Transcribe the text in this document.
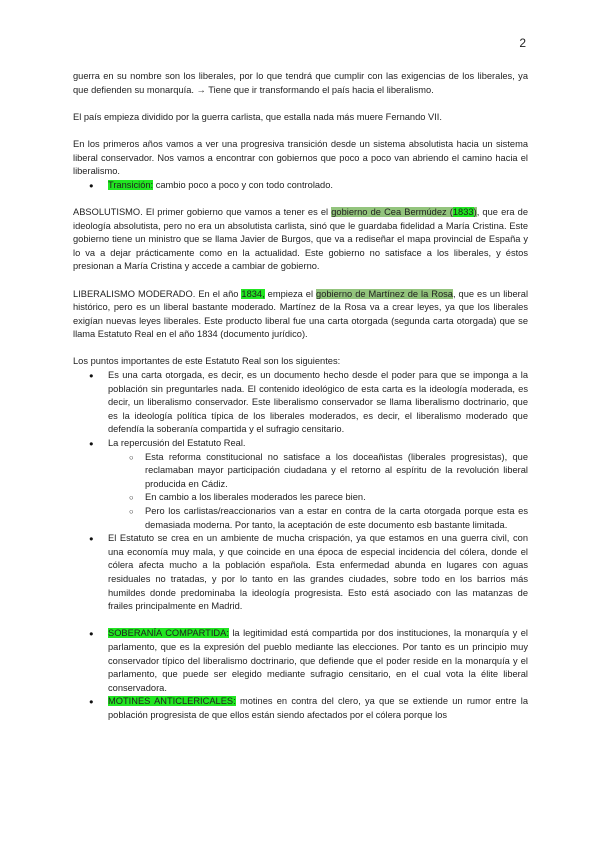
2

guerra en su nombre son los liberales, por lo que tendrá que cumplir con las exigencias de los liberales, ya que defienden su monarquía. → Tiene que ir transformando el país hacia el liberalismo.

El país empieza dividido por la guerra carlista, que estalla nada más muere Fernando VII.

En los primeros años vamos a ver una progresiva transición desde un sistema absolutista hacia un sistema liberal conservador. Nos vamos a encontrar con gobiernos que poco a poco van abriendo el camino hacia el liberalismo.

● Transición: cambio poco a poco y con todo controlado.

ABSOLUTISMO. El primer gobierno que vamos a tener es el gobierno de Cea Bermúdez (1833), que era de ideología absolutista, pero no era un absolutista carlista, sinó que le guardaba fidelidad a María Cristina. Este gobierno tiene un ministro que se llama Javier de Burgos, que va a rediseñar el mapa provincial de España y lo va a dejar prácticamente como en la actualidad. Este gobierno no satisface a los liberales, y éstos presionan a María Cristina y accede a cambiar de gobierno.

LIBERALISMO MODERADO. En el año 1834, empieza el gobierno de Martínez de la Rosa, que es un liberal histórico, pero es un liberal bastante moderado. Martínez de la Rosa va a crear leyes, ya que los liberales exigían nuevas leyes liberales. Este producto liberal fue una carta otorgada (segunda carta otorgada) que se llama Estatuto Real en el año 1834 (documento jurídico).

Los puntos importantes de este Estatuto Real son los siguientes:

● Es una carta otorgada, es decir, es un documento hecho desde el poder para que se imponga a la población sin preguntarles nada. El contenido ideológico de esta carta es la ideología moderada, es decir, un liberalismo conservador. Este liberalismo conservador se llama liberalismo doctrinario, que es la ideología política típica de los liberales moderados, es decir, el liberalismo moderado que defendía la soberanía compartida y el sufragio censitario.
● La repercusión del Estatuto Real.
○ Esta reforma constitucional no satisface a los doceañistas (liberales progresistas), que reclamaban mayor participación ciudadana y el retorno al espíritu de la revolución liberal producida en Cádiz.
○ En cambio a los liberales moderados les parece bien.
○ Pero los carlistas/reaccionarios van a estar en contra de la carta otorgada porque esta es demasiada moderna. Por tanto, la aceptación de este documento esb bastante limitada.
● El Estatuto se crea en un ambiente de mucha crispación, ya que estamos en una guerra civil, con una economía muy mala, y que coincide en una época de especial incidencia del cólera, donde el cólera afecta mucho a la población española. Esta enfermedad abunda en lugares con aguas residuales no tratadas, y por lo tanto en las grandes ciudades, sobre todo en los barrios más humildes donde predominaba la ideología progresista. Esto está asociado con las matanzas de frailes principalmente en Madrid.
● SOBERANÍA COMPARTIDA: la legitimidad está compartida por dos instituciones, la monarquía y el parlamento, que es la expresión del pueblo mediante las elecciones. Por tanto es un principio muy conservador típico del liberalismo doctrinario, que defiende que el poder reside en la monarquía y el parlamento, que puede ser elegido mediante sufragio censitario, en el cual vota la élite liberal conservadora.
● MOTINES ANTICLERICALES: motines en contra del clero, ya que se extiende un rumor entre la población progresista de que ellos están siendo afectados por el cólera porque los
